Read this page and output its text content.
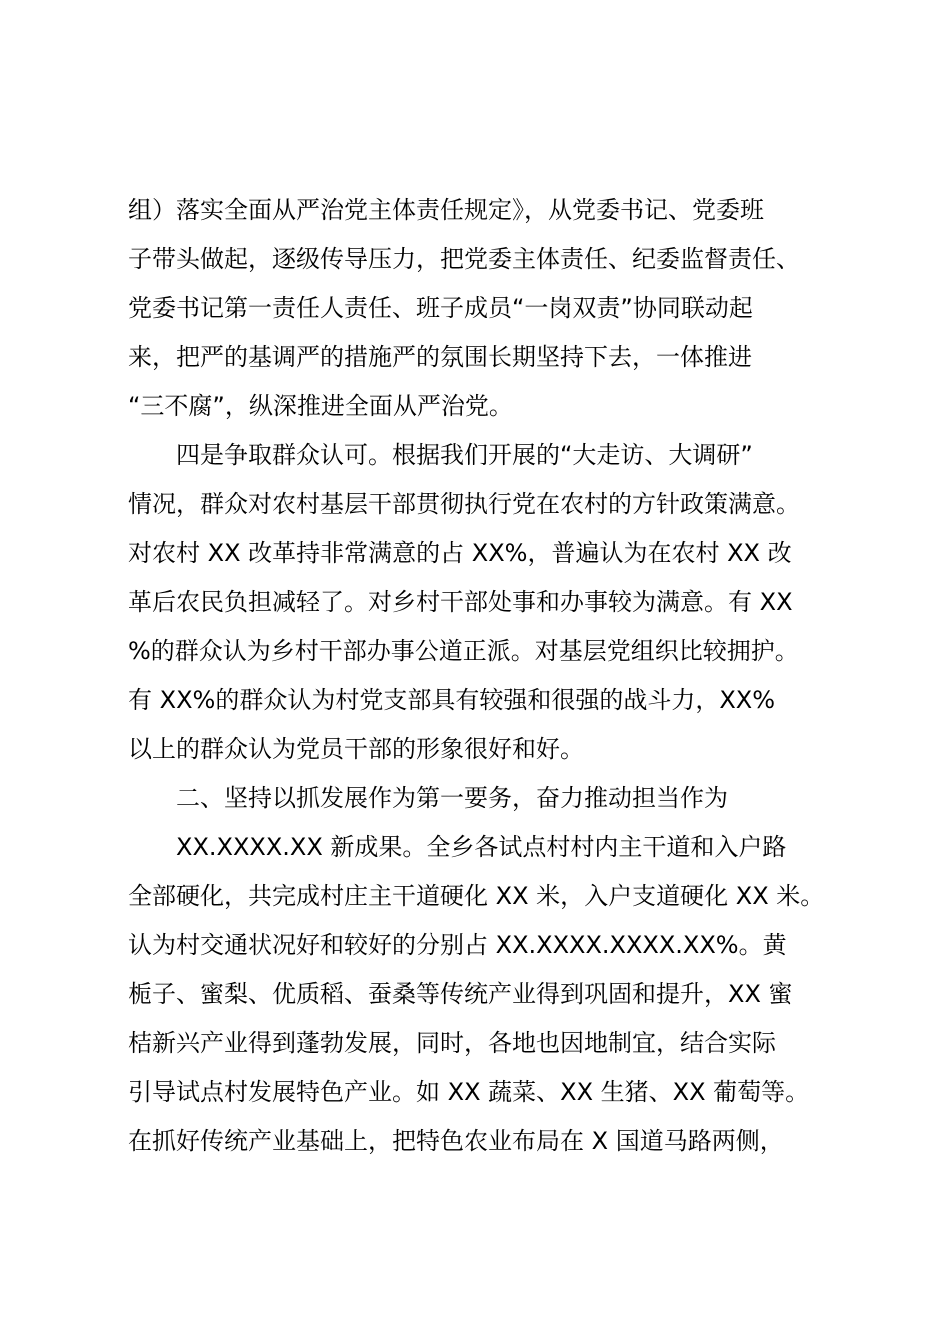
组）落实全面从严治党主体责任规定》，从党委书记、党委班
子带头做起，逐级传导压力，把党委主体责任、纪委监督责任、
党委书记第一责任人责任、班子成员“一岗双责”协同联动起
来，把严的基调严的措施严的氛围长期坚持下去，一体推进
“三不腐”，纵深推进全面从严治党。
　　四是争取群众认可。根据我们开展的“大走访、大调研”
情况，群众对农村基层干部贯彻执行党在农村的方针政策满意。
对农村 XX 改革持非常满意的占 XX%，普遍认为在农村 XX 改
革后农民负担减轻了。对乡村干部处事和办事较为满意。有 XX
%的群众认为乡村干部办事公道正派。对基层党组织比较拥护。
有 XX%的群众认为村党支部具有较强和很强的战斗力，XX%
以上的群众认为党员干部的形象很好和好。
　　二、坚持以抓发展作为第一要务，奋力推动担当作为
　　XX.XXXX.XX 新成果。全乡各试点村村内主干道和入户路
全部硬化，共完成村庄主干道硬化 XX 米，入户支道硬化 XX 米。
认为村交通状况好和较好的分别占 XX.XXXX.XXXX.XX%。黄
栀子、蜜梨、优质稻、蚕桑等传统产业得到巩固和提升，XX 蜜
桔新兴产业得到蓬勃发展，同时，各地也因地制宜，结合实际
引导试点村发展特色产业。如 XX 蔬菜、XX 生猪、XX 葡萄等。
在抓好传统产业基础上，把特色农业布局在 X 国道马路两侧，
